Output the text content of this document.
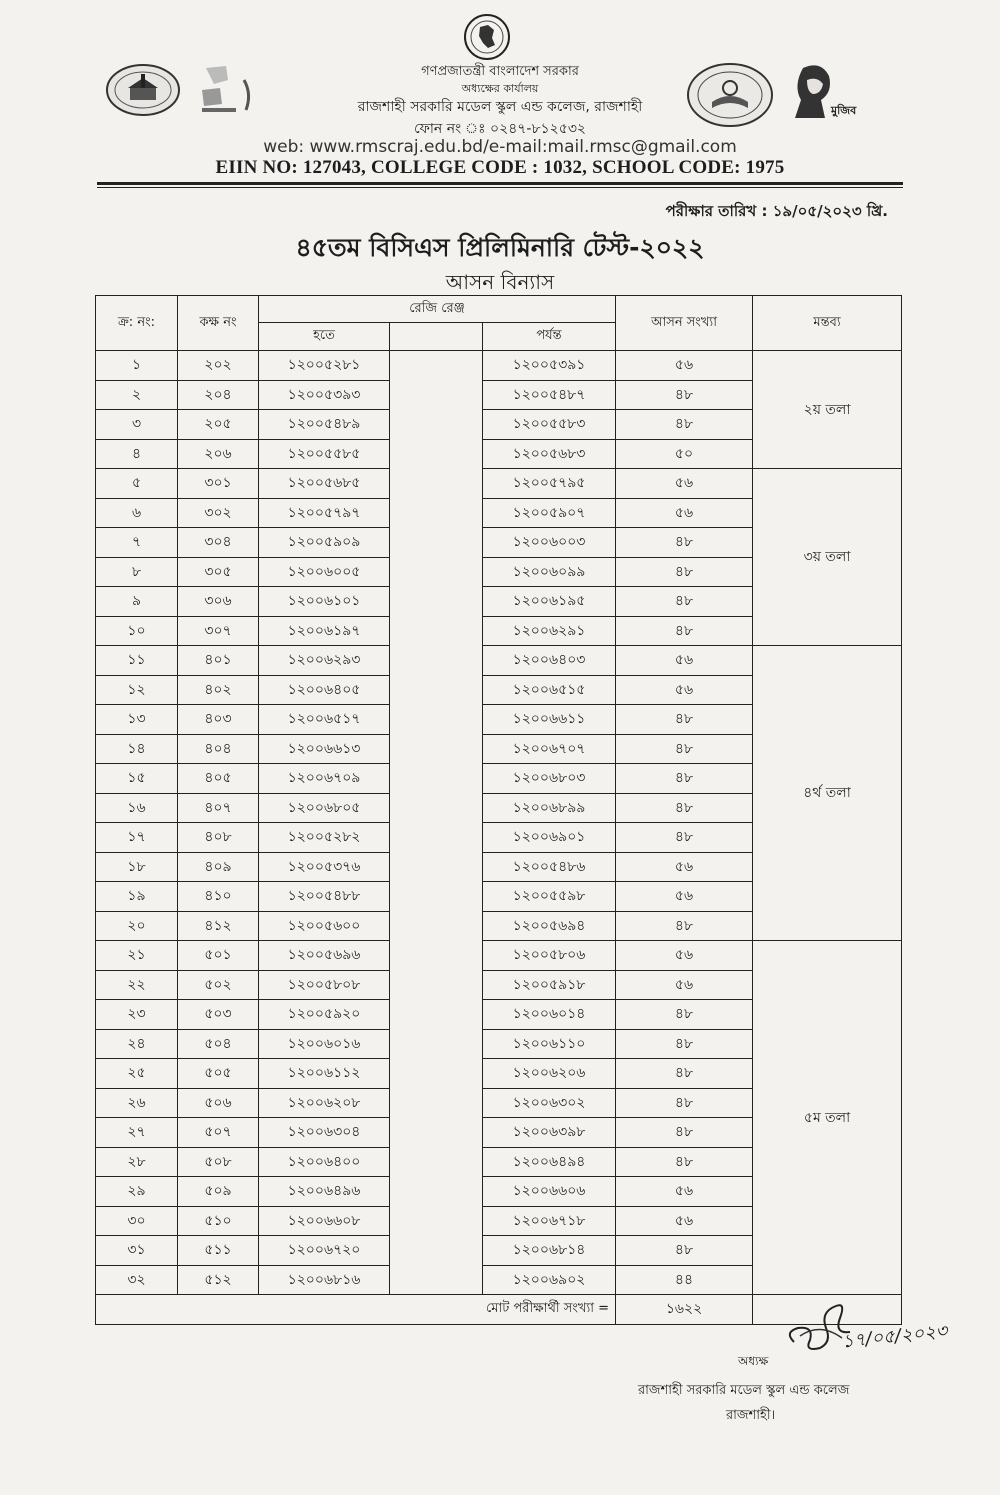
মুজিব
গণপ্রজাতন্ত্রী বাংলাদেশ সরকার
অধ্যক্ষের কার্যালয়
রাজশাহী সরকারি মডেল স্কুল এন্ড কলেজ, রাজশাহী
ফোন নং ঃ ০২৪৭-৮১২৫৩২
web: www.rmscraj.edu.bd/e-mail:mail.rmsc@gmail.com
EIIN NO: 127043, COLLEGE CODE : 1032, SCHOOL CODE: 1975
পরীক্ষার তারিখ : ১৯/০৫/২০২৩ খ্রি.
৪৫তম বিসিএস প্রিলিমিনারি টেস্ট-২০২২
আসন বিন্যাস
ক্র: নং:	কক্ষ নং	রেজি রেঞ্জ			আসন সংখ্যা	মন্তব্য
		হতে		পর্যন্ত		
১	২০২	১২০০৫২৮১		১২০০৫৩৯১	৫৬	২য় তলা
২	২০৪	১২০০৫৩৯৩		১২০০৫৪৮৭	৪৮	
৩	২০৫	১২০০৫৪৮৯		১২০০৫৫৮৩	৪৮	
৪	২০৬	১২০০৫৫৮৫		১২০০৫৬৮৩	৫০	
৫	৩০১	১২০০৫৬৮৫		১২০০৫৭৯৫	৫৬	৩য় তলা
৬	৩০২	১২০০৫৭৯৭		১২০০৫৯০৭	৫৬	
৭	৩০৪	১২০০৫৯০৯		১২০০৬০০৩	৪৮	
৮	৩০৫	১২০০৬০০৫		১২০০৬০৯৯	৪৮	
৯	৩০৬	১২০০৬১০১		১২০০৬১৯৫	৪৮	
১০	৩০৭	১২০০৬১৯৭		১২০০৬২৯১	৪৮	
১১	৪০১	১২০০৬২৯৩		১২০০৬৪০৩	৫৬	৪র্থ তলা
১২	৪০২	১২০০৬৪০৫		১২০০৬৫১৫	৫৬	
১৩	৪০৩	১২০০৬৫১৭		১২০০৬৬১১	৪৮	
১৪	৪০৪	১২০০৬৬১৩		১২০০৬৭০৭	৪৮	
১৫	৪০৫	১২০০৬৭০৯		১২০০৬৮০৩	৪৮	
১৬	৪০৭	১২০০৬৮০৫		১২০০৬৮৯৯	৪৮	
১৭	৪০৮	১২০০৫২৮২		১২০০৬৯০১	৪৮	
১৮	৪০৯	১২০০৫৩৭৬		১২০০৫৪৮৬	৫৬	
১৯	৪১০	১২০০৫৪৮৮		১২০০৫৫৯৮	৫৬	
২০	৪১২	১২০০৫৬০০		১২০০৫৬৯৪	৪৮	
২১	৫০১	১২০০৫৬৯৬		১২০০৫৮০৬	৫৬	৫ম তলা
২২	৫০২	১২০০৫৮০৮		১২০০৫৯১৮	৫৬	
২৩	৫০৩	১২০০৫৯২০		১২০০৬০১৪	৪৮	
২৪	৫০৪	১২০০৬০১৬		১২০০৬১১০	৪৮	
২৫	৫০৫	১২০০৬১১২		১২০০৬২০৬	৪৮	
২৬	৫০৬	১২০০৬২০৮		১২০০৬৩০২	৪৮	
২৭	৫০৭	১২০০৬৩০৪		১২০০৬৩৯৮	৪৮	
২৮	৫০৮	১২০০৬৪০০		১২০০৬৪৯৪	৪৮	
২৯	৫০৯	১২০০৬৪৯৬		১২০০৬৬০৬	৫৬	
৩০	৫১০	১২০০৬৬০৮		১২০০৬৭১৮	৫৬	
৩১	৫১১	১২০০৬৭২০		১২০০৬৮১৪	৪৮	
৩২	৫১২	১২০০৬৮১৬		১২০০৬৯০২	৪৪	
মোট পরীক্ষার্থী সংখ্যা =					১৬২২	
১৭/০৫/২০২৩
অধ্যক্ষ
রাজশাহী সরকারি মডেল স্কুল এন্ড কলেজ
রাজশাহী।
